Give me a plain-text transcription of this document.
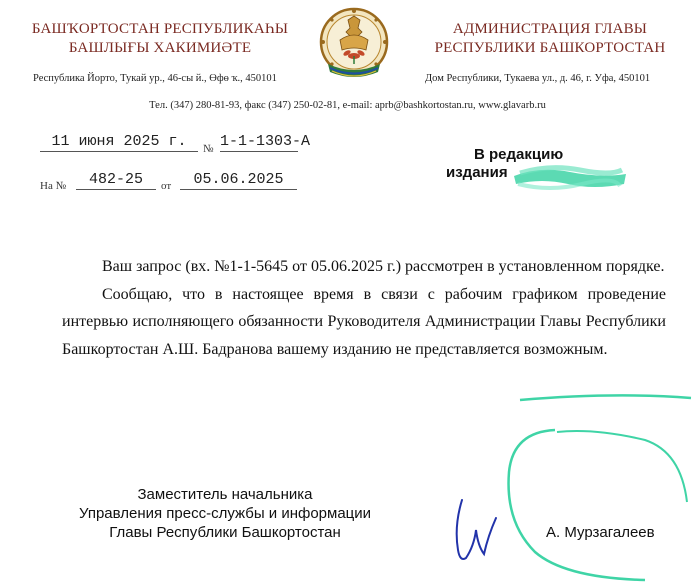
БАШҠОРТОСТАН РЕСПУБЛИКАҺЫ
БАШЛЫҒЫ ХАКИМИӘТЕ
АДМИНИСТРАЦИЯ ГЛАВЫ
РЕСПУБЛИКИ БАШКОРТОСТАН
Республика Йорто, Тукай ур., 46-сы й., Өфө ҡ., 450101	Дом Республики, Тукаева ул., д. 46, г. Уфа, 450101
Тел. (347) 280-81-93, факс (347) 250-02-81, e-mail: aprb@bashkortostan.ru, www.glavarb.ru
11 июня 2025 г.	№ 1-1-1303-А
На №	482-25	от	05.06.2025
В редакцию
издания

Ваш запрос (вх. №1-1-5645 от 05.06.2025 г.) рассмотрен в установленном порядке.

Сообщаю, что в настоящее время в связи с рабочим графиком проведение интервью исполняющего обязанности Руководителя Администрации Главы Республики Башкортостан А.Ш. Бадранова вашему изданию не представляется возможным.

Заместитель начальника
Управления пресс-службы и информации
Главы Республики Башкортостан	А. Мурзагалеев
